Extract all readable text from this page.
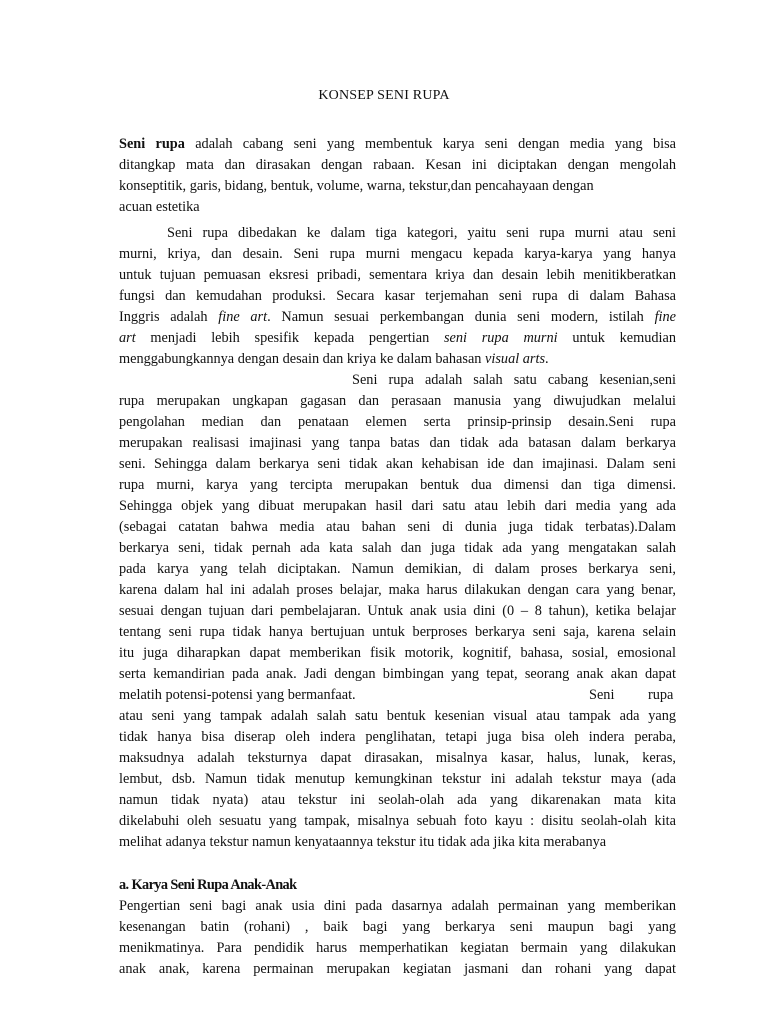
KONSEP SENI RUPA
Seni rupa adalah cabang seni yang membentuk karya seni dengan media yang bisa
ditangkap mata dan dirasakan dengan rabaan. Kesan ini diciptakan dengan mengolah
konseptitik, garis, bidang, bentuk, volume, warna, tekstur,dan pencahayaan dengan
acuan estetika
Seni rupa dibedakan ke dalam tiga kategori, yaitu seni rupa murni atau seni
murni, kriya, dan desain. Seni rupa murni mengacu kepada karya-karya yang hanya
untuk tujuan pemuasan eksresi pribadi, sementara kriya dan desain lebih menitikberatkan
fungsi dan kemudahan produksi. Secara kasar terjemahan seni rupa di dalam Bahasa
Inggris adalah fine art. Namun sesuai perkembangan dunia seni modern, istilah fine
art menjadi lebih spesifik kepada pengertian seni rupa murni untuk kemudian
menggabungkannya dengan desain dan kriya ke dalam bahasan visual arts.
Seni rupa adalah salah satu cabang kesenian,seni
rupa merupakan ungkapan gagasan dan perasaan manusia yang diwujudkan melalui
pengolahan median dan penataan elemen serta prinsip-prinsip desain.Seni rupa
merupakan realisasi imajinasi yang tanpa batas dan tidak ada batasan dalam berkarya
seni. Sehingga dalam berkarya seni tidak akan kehabisan ide dan imajinasi. Dalam seni
rupa murni, karya yang tercipta merupakan bentuk dua dimensi dan tiga dimensi.
Sehingga objek yang dibuat merupakan hasil dari satu atau lebih dari media yang ada
(sebagai catatan bahwa media atau bahan seni di dunia juga tidak terbatas).Dalam
berkarya seni, tidak pernah ada kata salah dan juga tidak ada yang mengatakan salah
pada karya yang telah diciptakan. Namun demikian, di dalam proses berkarya seni,
karena dalam hal ini adalah proses belajar, maka harus dilakukan dengan cara yang benar,
sesuai dengan tujuan dari pembelajaran. Untuk anak usia dini (0 – 8 tahun), ketika belajar
tentang seni rupa tidak hanya bertujuan untuk berproses berkarya seni saja, karena selain
itu juga diharapkan dapat memberikan fisik motorik, kognitif, bahasa, sosial, emosional
serta kemandirian pada anak. Jadi dengan bimbingan yang tepat, seorang anak akan dapat
melatih potensi-potensi yang bermanfaat.	Seni rupa
atau seni yang tampak adalah salah satu bentuk kesenian visual atau tampak ada yang
tidak hanya bisa diserap oleh indera penglihatan, tetapi juga bisa oleh indera peraba,
maksudnya adalah teksturnya dapat dirasakan, misalnya kasar, halus, lunak, keras,
lembut, dsb. Namun tidak menutup kemungkinan tekstur ini adalah tekstur maya (ada
namun tidak nyata) atau tekstur ini seolah-olah ada yang dikarenakan mata kita
dikelabuhi oleh sesuatu yang tampak, misalnya sebuah foto kayu : disitu seolah-olah kita
melihat adanya tekstur namun kenyataannya tekstur itu tidak ada jika kita merabanya
a. Karya Seni Rupa Anak-Anak
Pengertian seni bagi anak usia dini pada dasarnya adalah permainan yang memberikan
kesenangan batin (rohani) , baik bagi yang berkarya seni maupun bagi yang
menikmatinya. Para pendidik harus memperhatikan kegiatan bermain yang dilakukan
anak anak, karena permainan merupakan kegiatan jasmani dan rohani yang dapat
